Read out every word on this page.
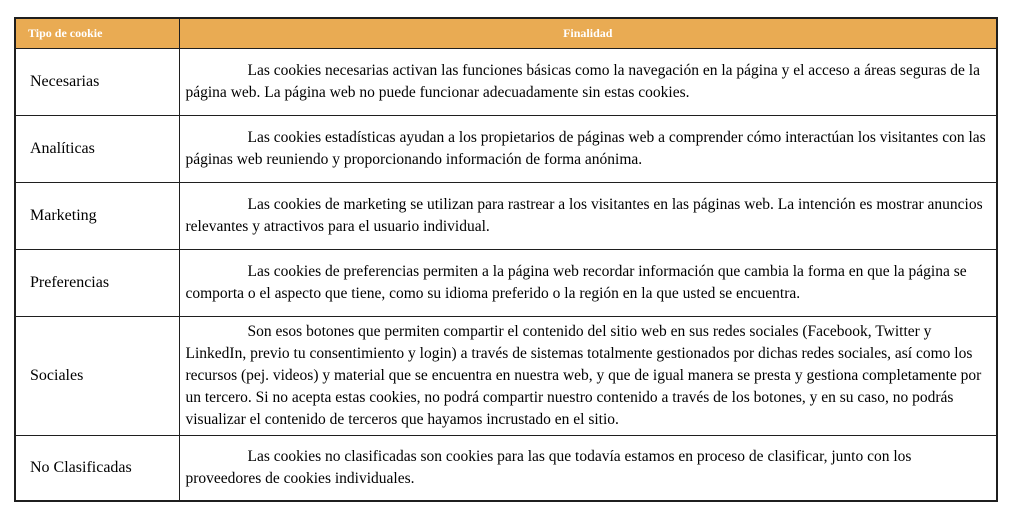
Tipo de cookie	Finalidad
Necesarias	Las cookies necesarias activan las funciones básicas como la navegación en la página y el acceso a áreas seguras de la página web. La página web no puede funcionar adecuadamente sin estas cookies.

Analíticas	Las cookies estadísticas ayudan a los propietarios de páginas web a comprender cómo interactúan los visitantes con las páginas web reuniendo y proporcionando información de forma anónima.

Marketing	Las cookies de marketing se utilizan para rastrear a los visitantes en las páginas web. La intención es mostrar anuncios relevantes y atractivos para el usuario individual.

Preferencias	Las cookies de preferencias permiten a la página web recordar información que cambia la forma en que la página se comporta o el aspecto que tiene, como su idioma preferido o la región en la que usted se encuentra.

Sociales	Son esos botones que permiten compartir el contenido del sitio web en sus redes sociales (Facebook, Twitter y LinkedIn, previo tu consentimiento y login) a través de sistemas totalmente gestionados por dichas redes sociales, así como los recursos (pej. videos) y material que se encuentra en nuestra web, y que de igual manera se presta y gestiona completamente por un tercero. Si no acepta estas cookies, no podrá compartir nuestro contenido a través de los botones, y en su caso, no podrás visualizar el contenido de terceros que hayamos incrustado en el sitio.

No Clasificadas	Las cookies no clasificadas son cookies para las que todavía estamos en proceso de clasificar, junto con los proveedores de cookies individuales.
